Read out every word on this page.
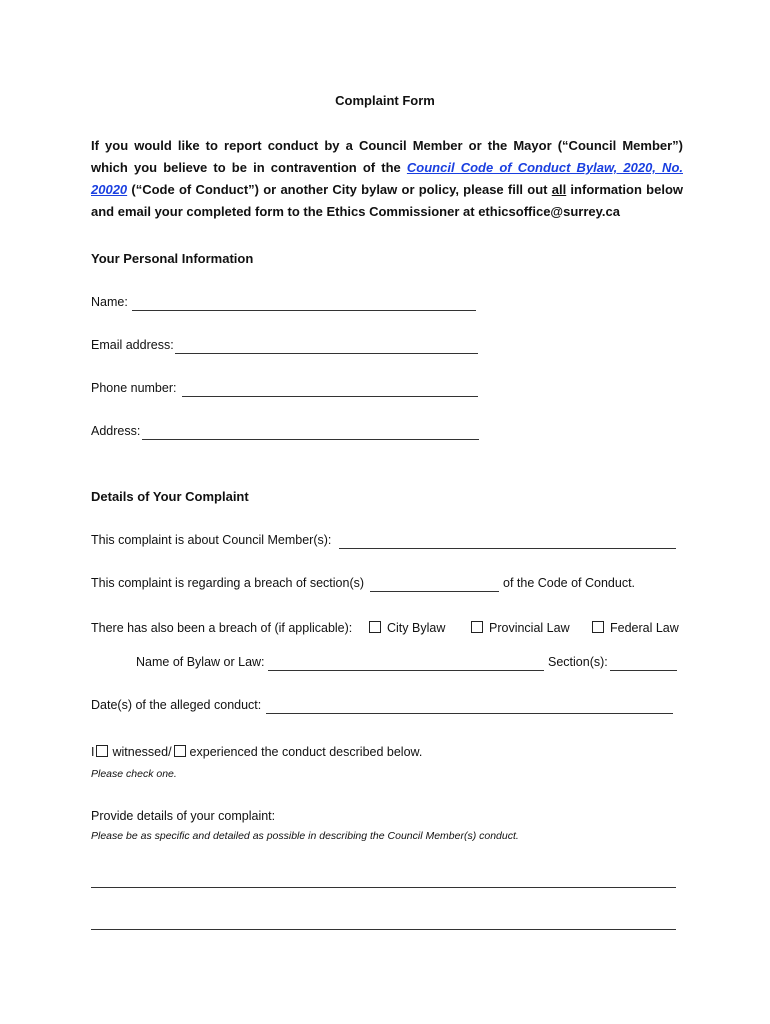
Complaint Form
If you would like to report conduct by a Council Member or the Mayor (“Council Member”) which you believe to be in contravention of the Council Code of Conduct Bylaw, 2020, No. 20020 (“Code of Conduct”) or another City bylaw or policy, please fill out all information below and email your completed form to the Ethics Commissioner at ethicsoffice@surrey.ca
Your Personal Information
Name:
Email address:
Phone number:
Address:
Details of Your Complaint
This complaint is about Council Member(s):
This complaint is regarding a breach of section(s)	of the Code of Conduct.
There has also been a breach of (if applicable):	City Bylaw	Provincial Law	Federal Law
Name of Bylaw or Law:	Section(s):
Date(s) of the alleged conduct:
I witnessed/ experienced the conduct described below.
Please check one.
Provide details of your complaint:
Please be as specific and detailed as possible in describing the Council Member(s) conduct.
